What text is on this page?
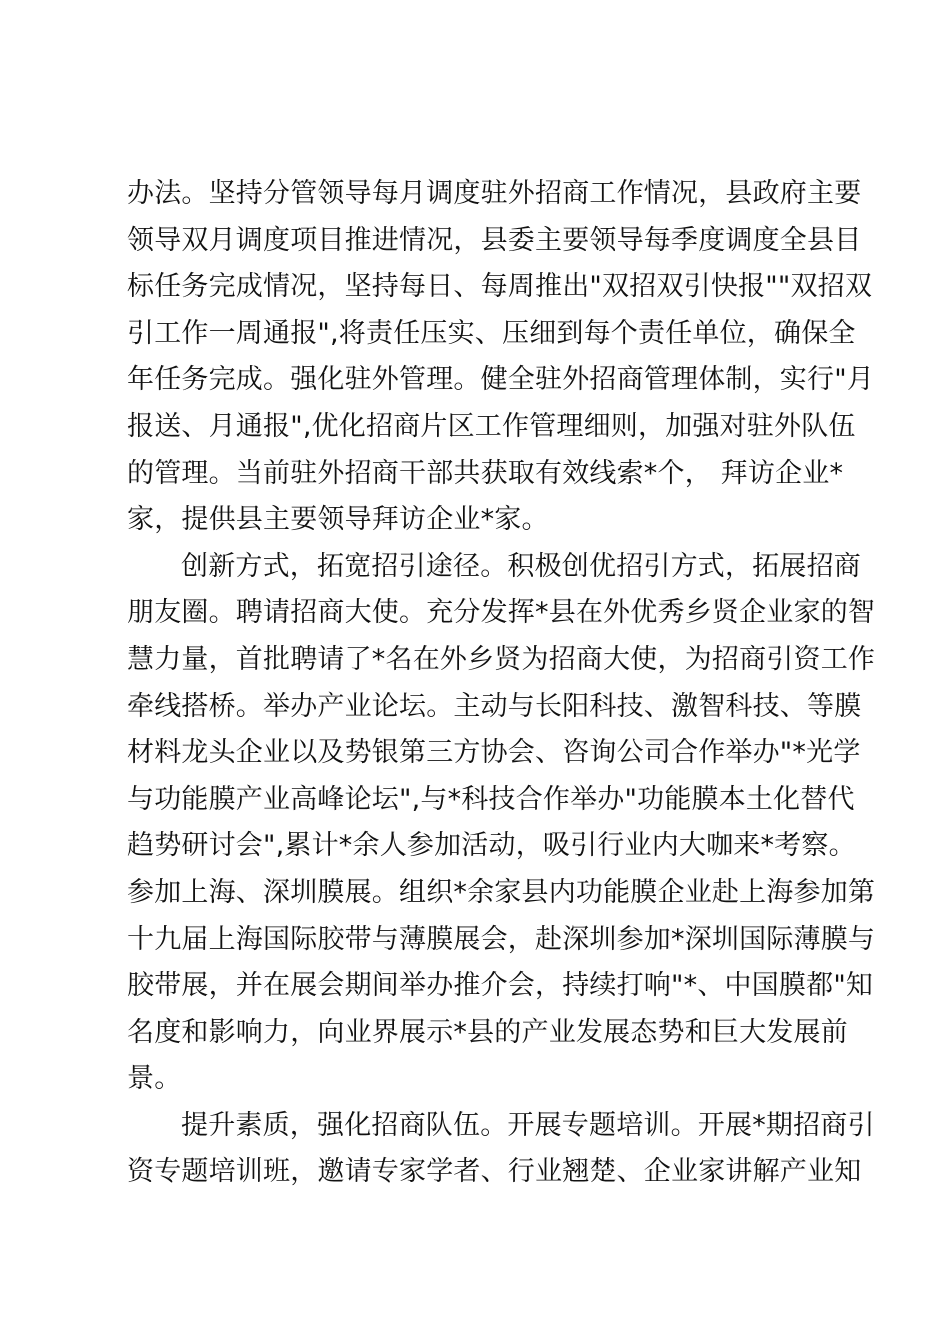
办法。坚持分管领导每月调度驻外招商工作情况，县政府主要
领导双月调度项目推进情况，县委主要领导每季度调度全县目
标任务完成情况，坚持每日、每周推出"双招双引快报""双招双
引工作一周通报",将责任压实、压细到每个责任单位，确保全
年任务完成。强化驻外管理。健全驻外招商管理体制，实行"月
报送、月通报",优化招商片区工作管理细则，加强对驻外队伍
的管理。当前驻外招商干部共获取有效线索*个， 拜访企业*
家，提供县主要领导拜访企业*家。
创新方式，拓宽招引途径。积极创优招引方式，拓展招商
朋友圈。聘请招商大使。充分发挥*县在外优秀乡贤企业家的智
慧力量，首批聘请了*名在外乡贤为招商大使，为招商引资工作
牵线搭桥。举办产业论坛。主动与长阳科技、激智科技、等膜
材料龙头企业以及势银第三方协会、咨询公司合作举办"*光学
与功能膜产业高峰论坛",与*科技合作举办"功能膜本土化替代
趋势研讨会",累计*余人参加活动，吸引行业内大咖来*考察。
参加上海、深圳膜展。组织*余家县内功能膜企业赴上海参加第
十九届上海国际胶带与薄膜展会，赴深圳参加*深圳国际薄膜与
胶带展，并在展会期间举办推介会，持续打响"*、中国膜都"知
名度和影响力，向业界展示*县的产业发展态势和巨大发展前
景。
提升素质，强化招商队伍。开展专题培训。开展*期招商引
资专题培训班，邀请专家学者、行业翘楚、企业家讲解产业知
